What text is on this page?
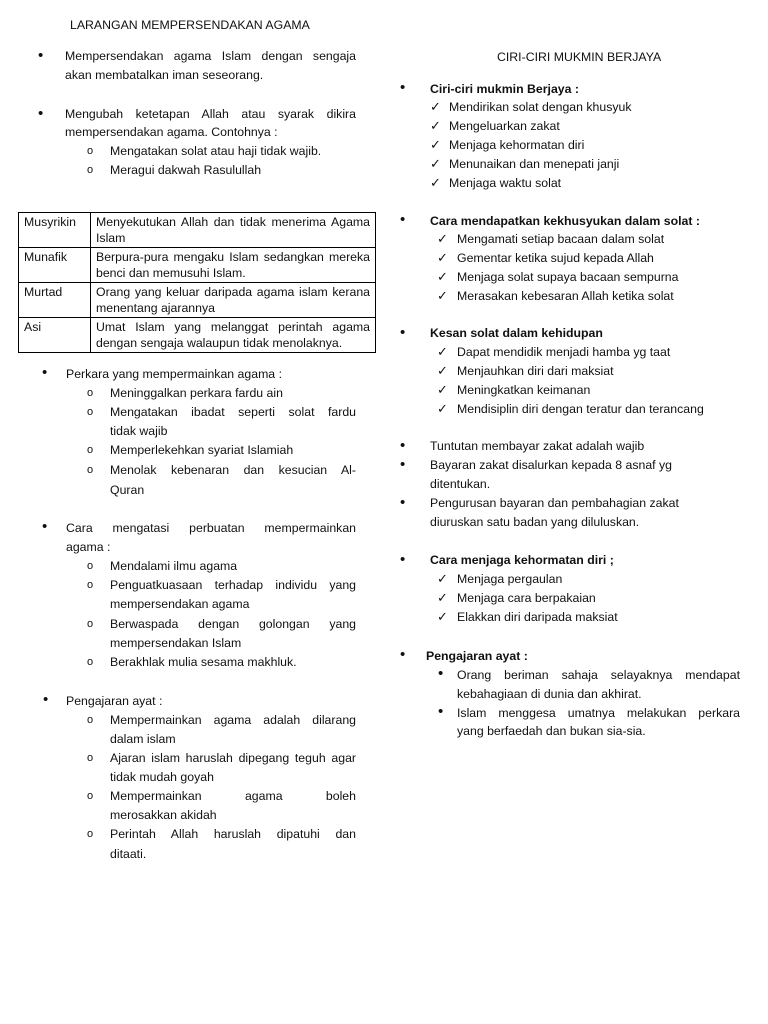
LARANGAN MEMPERSENDAKAN AGAMA
• Mempersendakan agama Islam dengan sengaja
akan membatalkan iman seseorang.
• Mengubah ketetapan Allah atau syarak dikira
mempersendakan agama. Contohnya :
o Mengatakan solat atau haji tidak wajib.
o Meragui dakwah Rasulullah
Musyrikin	Menyekutukan Allah dan tidak menerima Agama Islam
Munafik	Berpura-pura mengaku Islam sedangkan mereka benci dan memusuhi Islam.
Murtad	Orang yang keluar daripada agama islam kerana menentang ajarannya
Asi	Umat Islam yang melanggat perintah agama dengan sengaja walaupun tidak menolaknya.
• Perkara yang mempermainkan agama :
o Meninggalkan perkara fardu ain
o Mengatakan ibadat seperti solat fardu
tidak wajib
o Memperlekehkan syariat Islamiah
o Menolak kebenaran dan kesucian Al-
Quran
• Cara mengatasi perbuatan mempermainkan
agama :
o Mendalami ilmu agama
o Penguatkuasaan terhadap individu yang
mempersendakan agama
o Berwaspada dengan golongan yang
mempersendakan Islam
o Berakhlak mulia sesama makhluk.
• Pengajaran ayat :
o Mempermainkan agama adalah dilarang
dalam islam
o Ajaran islam haruslah dipegang teguh agar
tidak mudah goyah
o Mempermainkan agama boleh
merosakkan akidah
o Perintah Allah haruslah dipatuhi dan
ditaati.
CIRI-CIRI MUKMIN BERJAYA
• Ciri-ciri mukmin Berjaya :
✓ Mendirikan solat dengan khusyuk
✓ Mengeluarkan zakat
✓ Menjaga kehormatan diri
✓ Menunaikan dan menepati janji
✓ Menjaga waktu solat
• Cara mendapatkan kekhusyukan dalam solat :
✓ Mengamati setiap bacaan dalam solat
✓ Gementar ketika sujud kepada Allah
✓ Menjaga solat supaya bacaan sempurna
✓ Merasakan kebesaran Allah ketika solat
• Kesan solat dalam kehidupan
✓ Dapat mendidik menjadi hamba yg taat
✓ Menjauhkan diri dari maksiat
✓ Meningkatkan keimanan
✓ Mendisiplin diri dengan teratur dan terancang
• Tuntutan membayar zakat adalah wajib
• Bayaran zakat disalurkan kepada 8 asnaf yg
ditentukan.
• Pengurusan bayaran dan pembahagian zakat
diuruskan satu badan yang diluluskan.
• Cara menjaga kehormatan diri ;
✓ Menjaga pergaulan
✓ Menjaga cara berpakaian
✓ Elakkan diri daripada maksiat
• Pengajaran ayat :
• Orang beriman sahaja selayaknya mendapat
kebahagiaan di dunia dan akhirat.
• Islam menggesa umatnya melakukan perkara
yang berfaedah dan bukan sia-sia.
